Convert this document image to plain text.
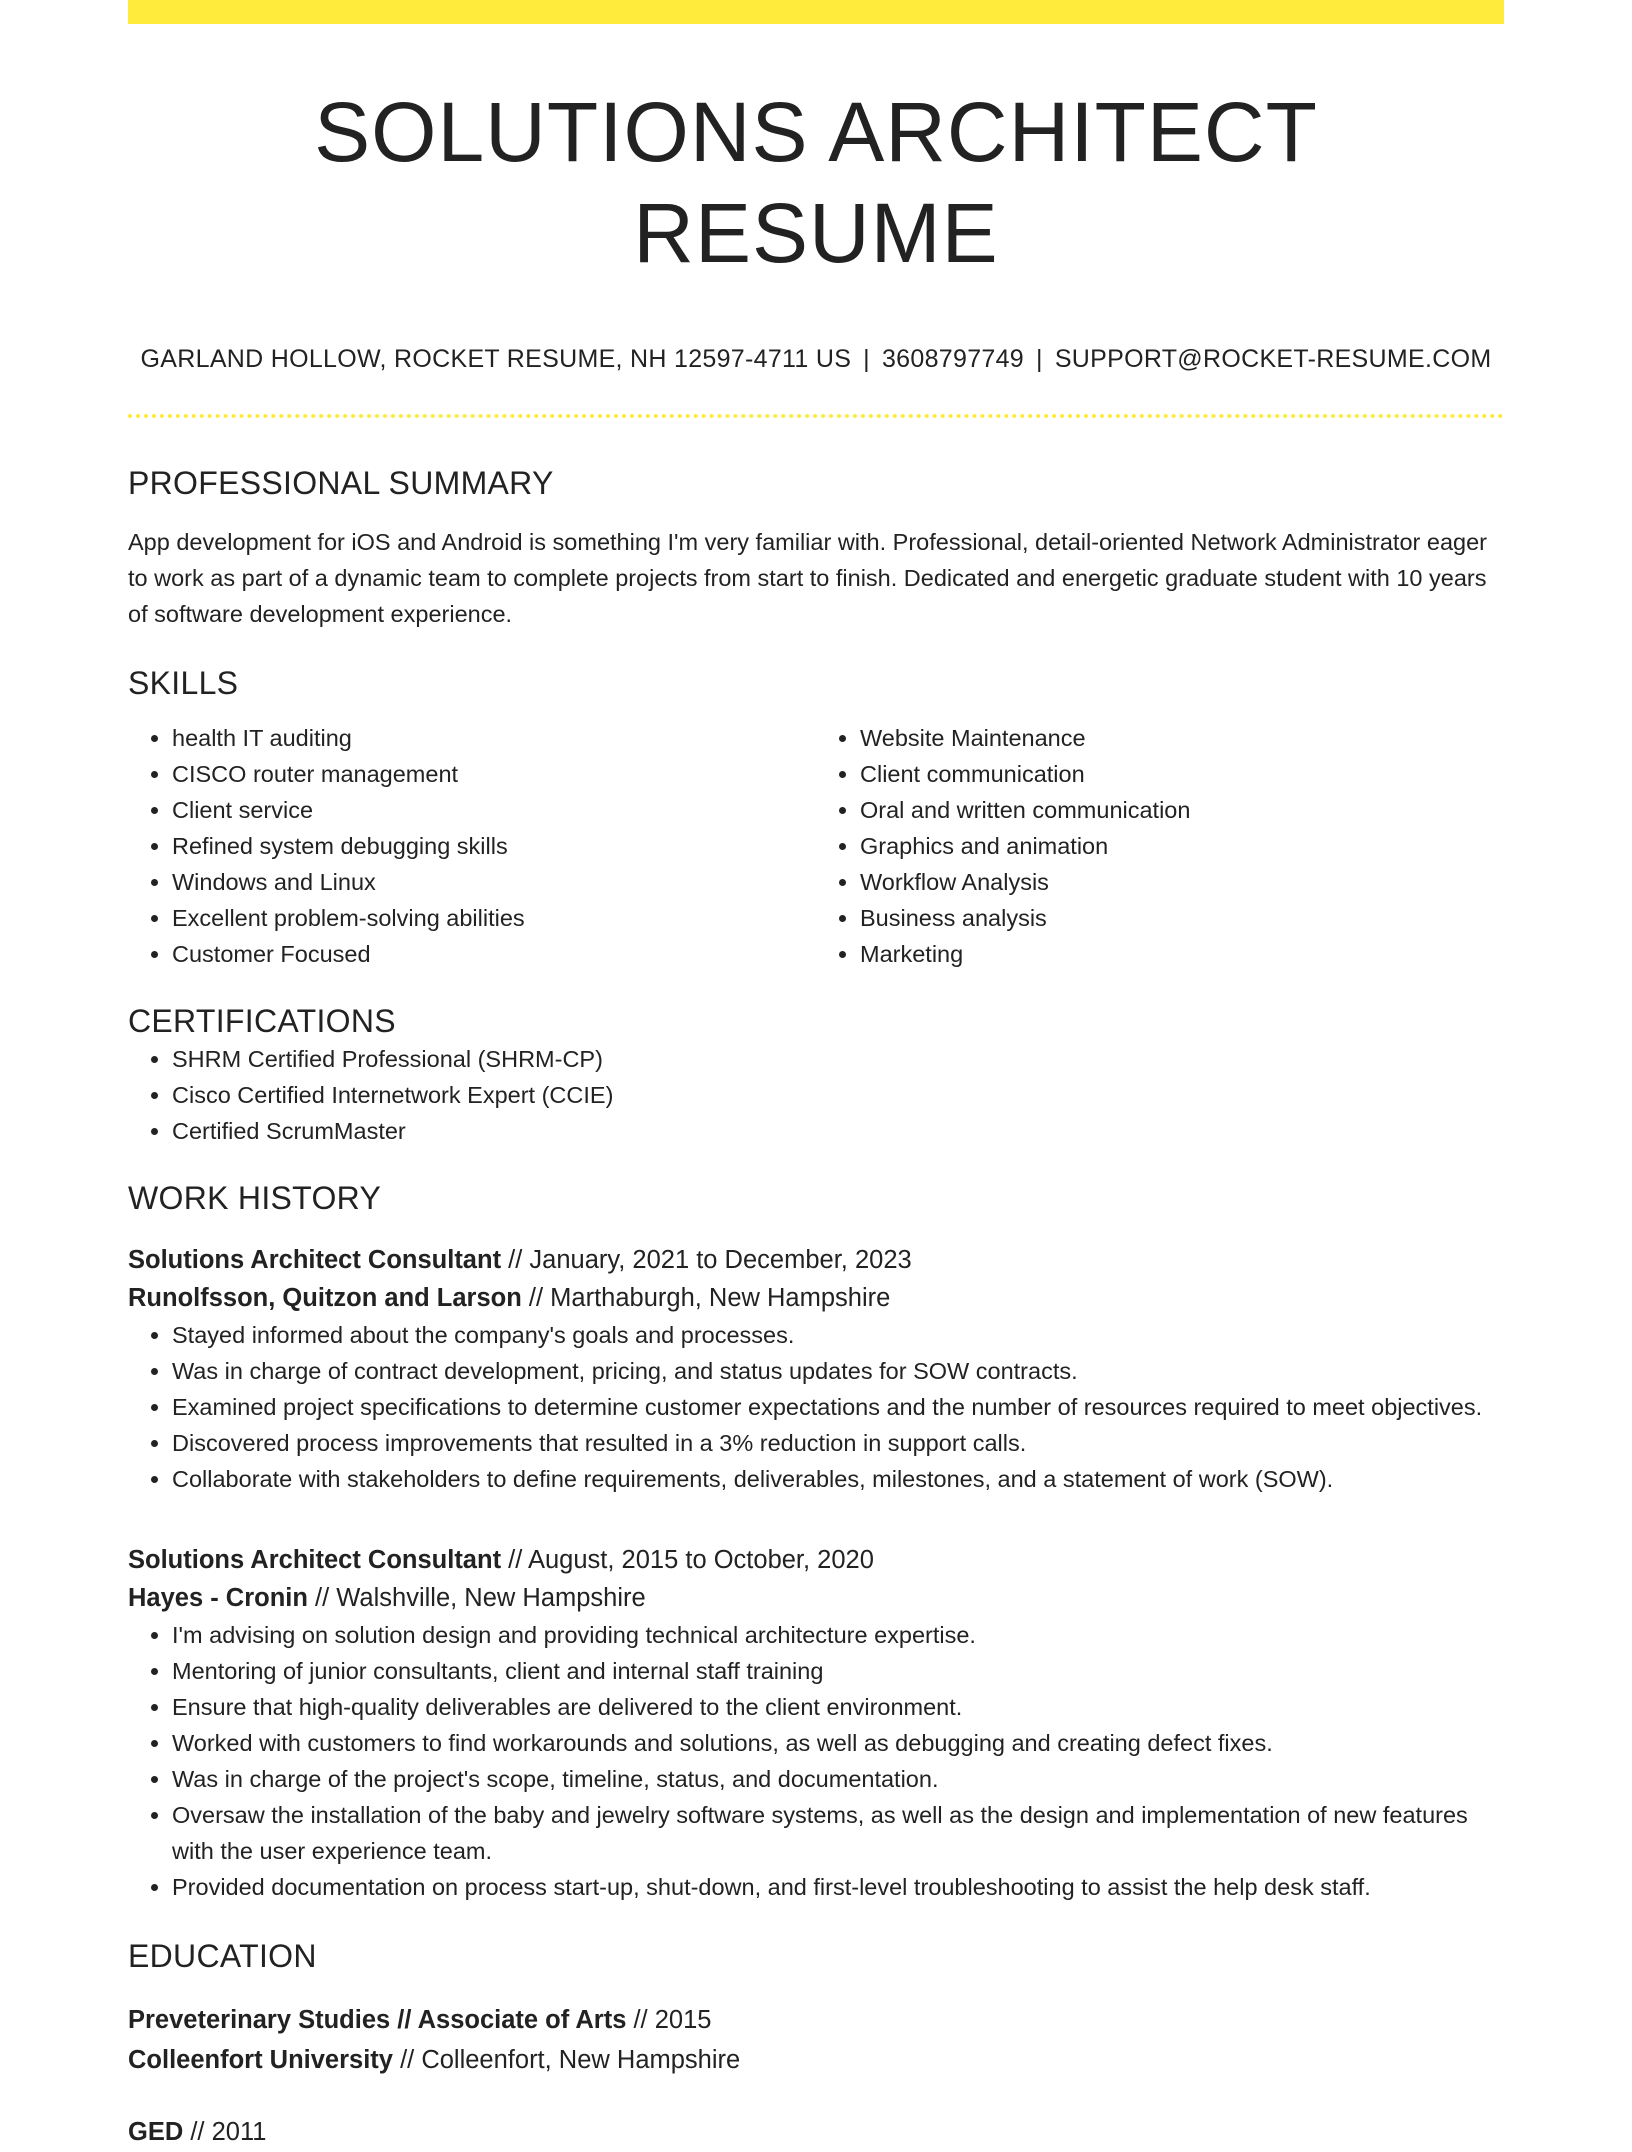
SOLUTIONS ARCHITECT RESUME
GARLAND HOLLOW, ROCKET RESUME, NH 12597-4711 US | 3608797749 | SUPPORT@ROCKET-RESUME.COM
PROFESSIONAL SUMMARY

App development for iOS and Android is something I'm very familiar with. Professional, detail-oriented Network Administrator eager to work as part of a dynamic team to complete projects from start to finish. Dedicated and energetic graduate student with 10 years of software development experience.

SKILLS
• health IT auditing
• CISCO router management
• Client service
• Refined system debugging skills
• Windows and Linux
• Excellent problem-solving abilities
• Customer Focused
• Website Maintenance
• Client communication
• Oral and written communication
• Graphics and animation
• Workflow Analysis
• Business analysis
• Marketing
CERTIFICATIONS
• SHRM Certified Professional (SHRM-CP)
• Cisco Certified Internetwork Expert (CCIE)
• Certified ScrumMaster
WORK HISTORY
Solutions Architect Consultant // January, 2021 to December, 2023
Runolfsson, Quitzon and Larson // Marthaburgh, New Hampshire
• Stayed informed about the company's goals and processes.
• Was in charge of contract development, pricing, and status updates for SOW contracts.
• Examined project specifications to determine customer expectations and the number of resources required to meet objectives.
• Discovered process improvements that resulted in a 3% reduction in support calls.
• Collaborate with stakeholders to define requirements, deliverables, milestones, and a statement of work (SOW).
Solutions Architect Consultant // August, 2015 to October, 2020
Hayes - Cronin // Walshville, New Hampshire
• I'm advising on solution design and providing technical architecture expertise.
• Mentoring of junior consultants, client and internal staff training
• Ensure that high-quality deliverables are delivered to the client environment.
• Worked with customers to find workarounds and solutions, as well as debugging and creating defect fixes.
• Was in charge of the project's scope, timeline, status, and documentation.
• Oversaw the installation of the baby and jewelry software systems, as well as the design and implementation of new features with the user experience team.
• Provided documentation on process start-up, shut-down, and first-level troubleshooting to assist the help desk staff.
EDUCATION
Preveterinary Studies // Associate of Arts // 2015
Colleenfort University // Colleenfort, New Hampshire
GED // 2011
